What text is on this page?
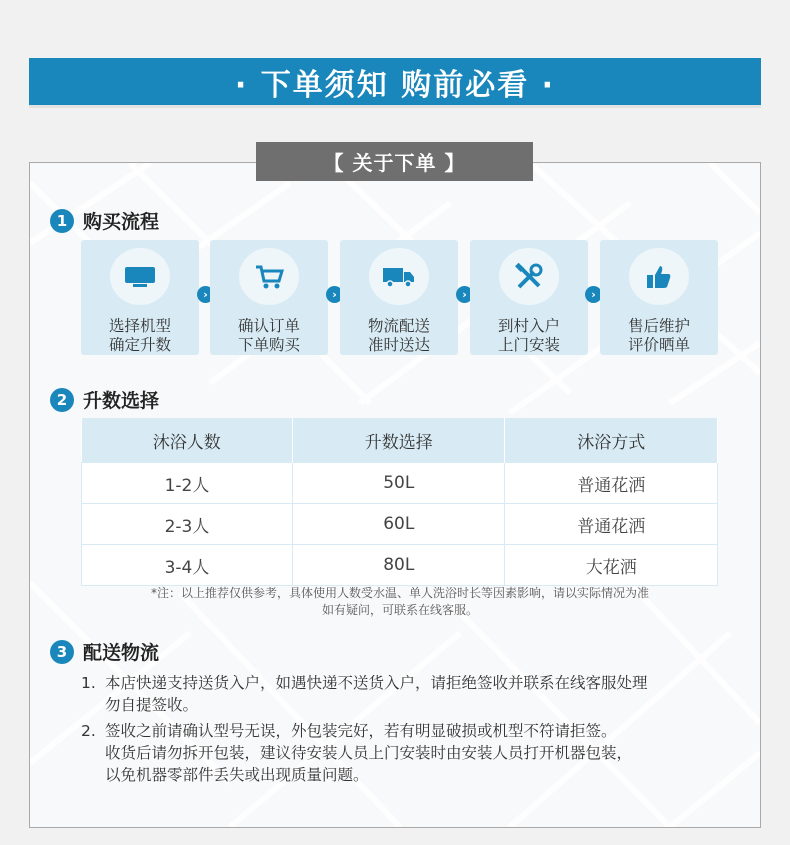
· 下单须知 购前必看 ·
【 关于下单 】
1 购买流程
选择机型
确定升数
›
确认订单
下单购买
›
物流配送
准时送达
›
到村入户
上门安装
›
售后维护
评价晒单
2 升数选择
沐浴人数	升数选择	沐浴方式
1-2人	50L	普通花洒
2-3人	60L	普通花洒
3-4人	80L	大花洒
*注：以上推荐仅供参考，具体使用人数受水温、单人洗浴时长等因素影响，请以实际情况为准
如有疑问，可联系在线客服。
3 配送物流
1. 本店快递支持送货入户，如遇快递不送货入户，请拒绝签收并联系在线客服处理
勿自提签收。
2. 签收之前请确认型号无误，外包装完好，若有明显破损或机型不符请拒签。
收货后请勿拆开包装，建议待安装人员上门安装时由安装人员打开机器包装，
以免机器零部件丢失或出现质量问题。
